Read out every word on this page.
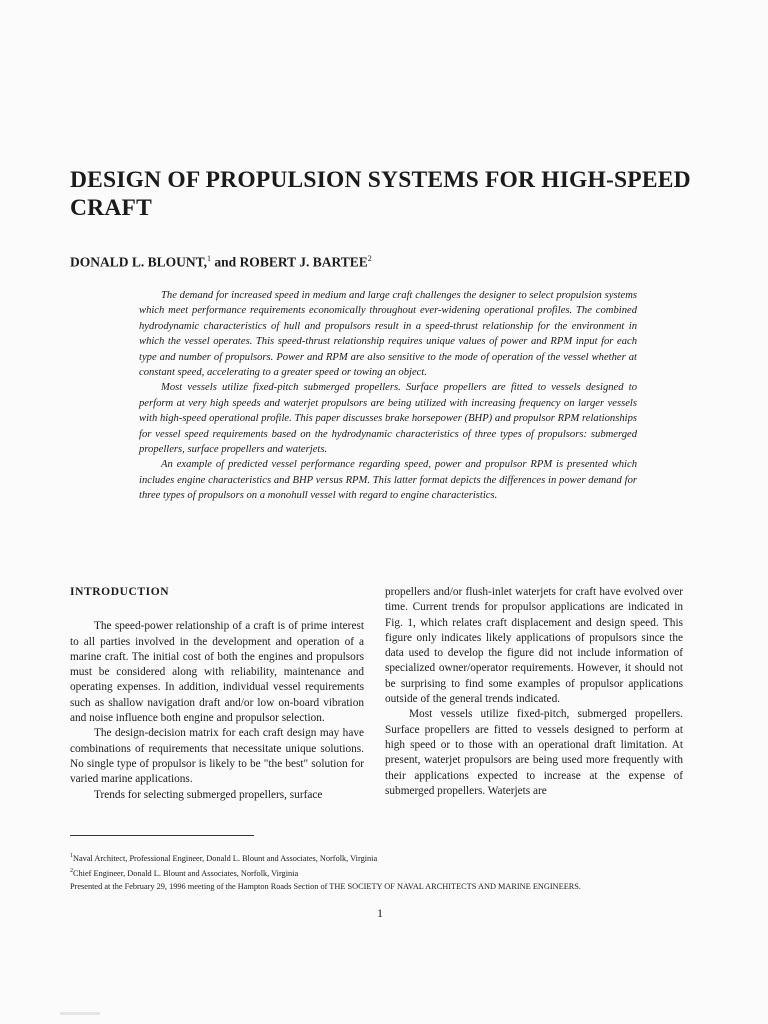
DESIGN OF PROPULSION SYSTEMS FOR HIGH-SPEED CRAFT
DONALD L. BLOUNT,$^1$ and ROBERT J. BARTEE$^2$

The demand for increased speed in medium and large craft challenges the designer to select propulsion systems which meet performance requirements economically throughout ever-widening operational profiles. The combined hydrodynamic characteristics of hull and propulsors result in a speed-thrust relationship for the environment in which the vessel operates. This speed-thrust relationship requires unique values of power and RPM input for each type and number of propulsors. Power and RPM are also sensitive to the mode of operation of the vessel whether at constant speed, accelerating to a greater speed or towing an object.

Most vessels utilize fixed-pitch submerged propellers. Surface propellers are fitted to vessels designed to perform at very high speeds and waterjet propulsors are being utilized with increasing frequency on larger vessels with high-speed operational profile. This paper discusses brake horsepower (BHP) and propulsor RPM relationships for vessel speed requirements based on the hydrodynamic characteristics of three types of propulsors: submerged propellers, surface propellers and waterjets.

An example of predicted vessel performance regarding speed, power and propulsor RPM is presented which includes engine characteristics and BHP versus RPM. This latter format depicts the differences in power demand for three types of propulsors on a monohull vessel with regard to engine characteristics.

INTRODUCTION

The speed-power relationship of a craft is of prime interest to all parties involved in the development and operation of a marine craft. The initial cost of both the engines and propulsors must be considered along with reliability, maintenance and operating expenses. In addition, individual vessel requirements such as shallow navigation draft and/or low on-board vibration and noise influence both engine and propulsor selection.

The design-decision matrix for each craft design may have combinations of requirements that necessitate unique solutions. No single type of propulsor is likely to be "the best" solution for varied marine applications.

Trends for selecting submerged propellers, surface

propellers and/or flush-inlet waterjets for craft have evolved over time. Current trends for propulsor applications are indicated in Fig. 1, which relates craft displacement and design speed. This figure only indicates likely applications of propulsors since the data used to develop the figure did not include information of specialized owner/operator requirements. However, it should not be surprising to find some examples of propulsor applications outside of the general trends indicated.

Most vessels utilize fixed-pitch, submerged propellers. Surface propellers are fitted to vessels designed to perform at high speed or to those with an operational draft limitation. At present, waterjet propulsors are being used more frequently with their applications expected to increase at the expense of submerged propellers. Waterjets are

$^1$Naval Architect, Professional Engineer, Donald L. Blount and Associates, Norfolk, Virginia
$^2$Chief Engineer, Donald L. Blount and Associates, Norfolk, Virginia
Presented at the February 29, 1996 meeting of the Hampton Roads Section of THE SOCIETY OF NAVAL ARCHITECTS AND MARINE ENGINEERS.
1
